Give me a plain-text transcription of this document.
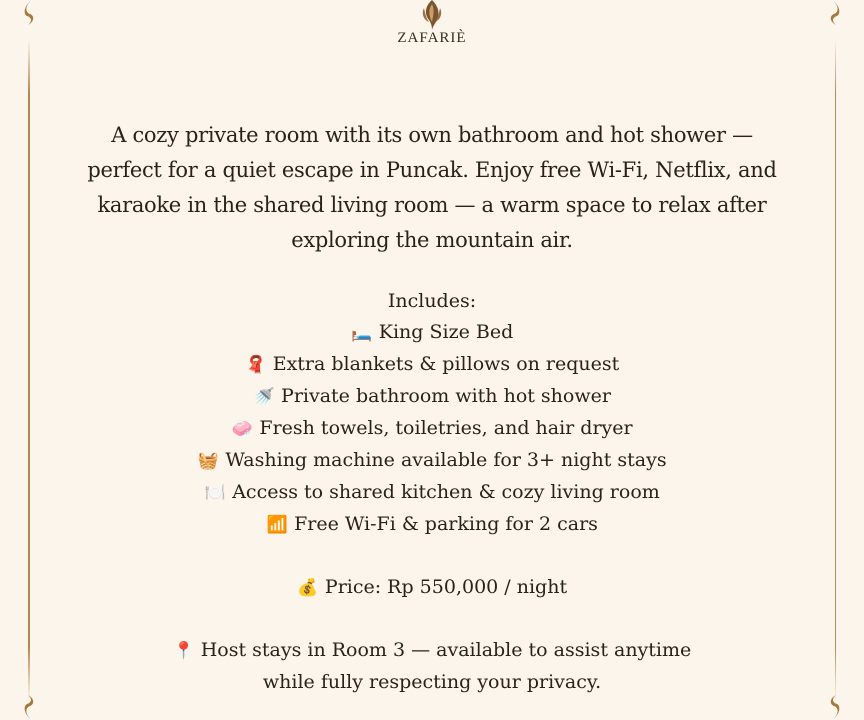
ZAFARIÈ

A cozy private room with its own bathroom and hot shower —

perfect for a quiet escape in Puncak. Enjoy free Wi-Fi, Netflix, and

karaoke in the shared living room — a warm space to relax after

exploring the mountain air.

Includes:
🛏️ King Size Bed
🧣 Extra blankets & pillows on request
🚿 Private bathroom with hot shower
🧼 Fresh towels, toiletries, and hair dryer
🧺 Washing machine available for 3+ night stays
🍽️ Access to shared kitchen & cozy living room
📶 Free Wi-Fi & parking for 2 cars
💰 Price: Rp 550,000 / night

📍 Host stays in Room 3 — available to assist anytime

while fully respecting your privacy.
